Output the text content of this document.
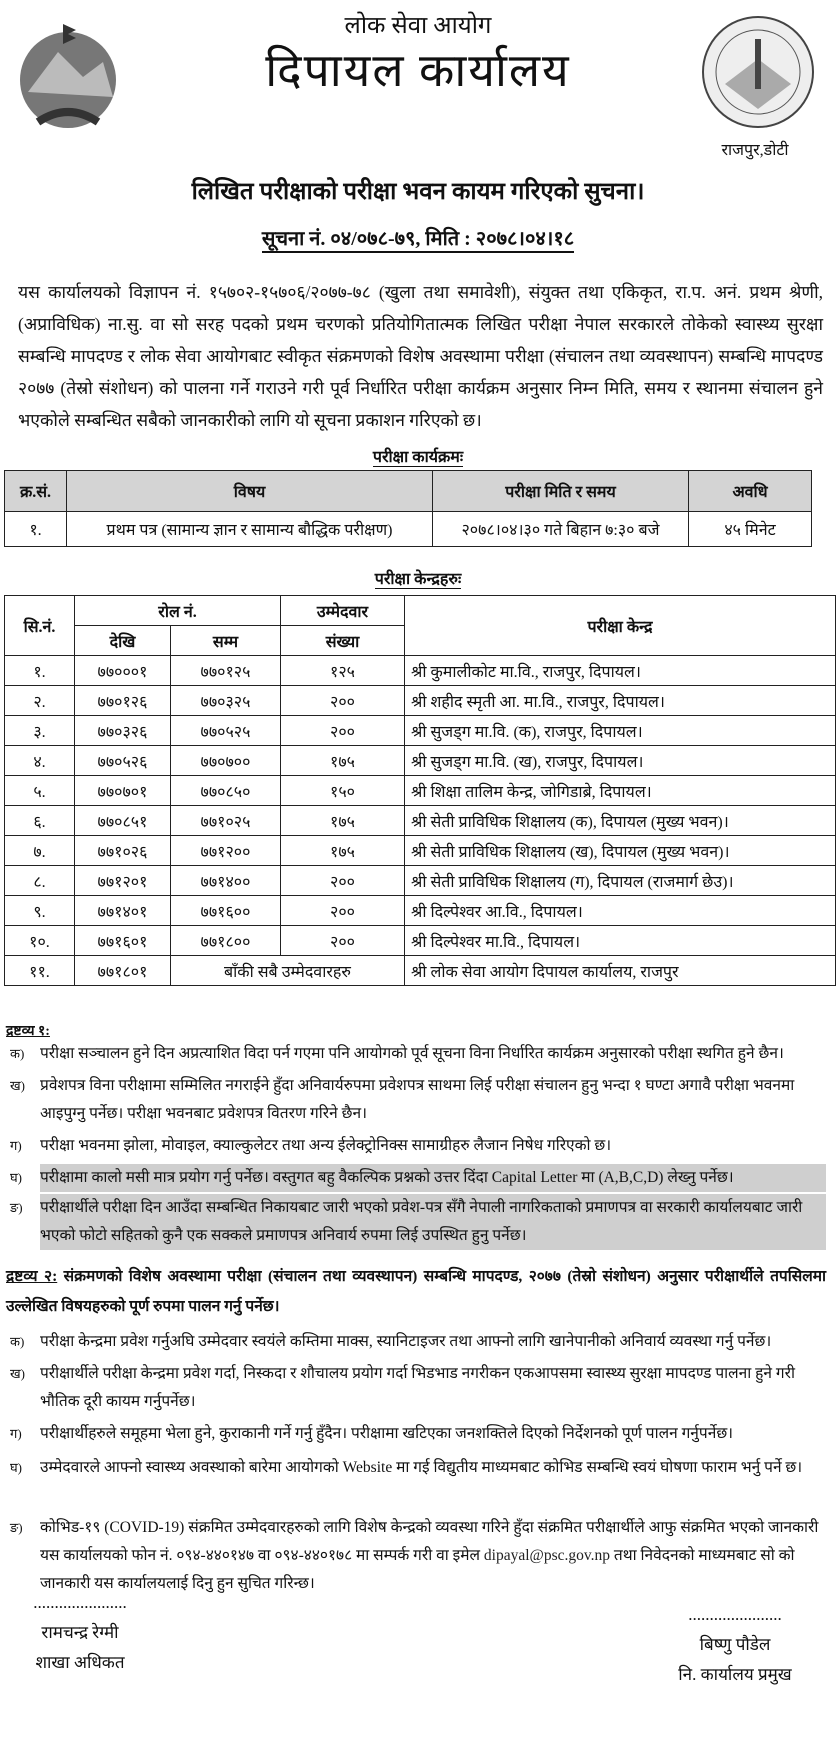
लोक सेवा आयोग
दिपायल कार्यालय
राजपुर,डोटी
लिखित परीक्षाको परीक्षा भवन कायम गरिएको सुचना।
सूचना नं. ०४/०७८-७९, मिति : २०७८।०४।१८

यस कार्यालयको विज्ञापन नं. १५७०२-१५७०६/२०७७-७८ (खुला तथा समावेशी), संयुक्त तथा एकिकृत, रा.प. अनं. प्रथम श्रेणी, (अप्राविधिक) ना.सु. वा सो सरह पदको प्रथम चरणको प्रतियोगितात्मक लिखित परीक्षा नेपाल सरकारले तोकेको स्वास्थ्य सुरक्षा सम्बन्धि मापदण्ड र लोक सेवा आयोगबाट स्वीकृत संक्रमणको विशेष अवस्थामा परीक्षा (संचालन तथा व्यवस्थापन) सम्बन्धि मापदण्ड २०७७ (तेस्रो संशोधन) को पालना गर्ने गराउने गरी पूर्व निर्धारित परीक्षा कार्यक्रम अनुसार निम्न मिति, समय र स्थानमा संचालन हुने भएकोले सम्बन्धित सबैको जानकारीको लागि यो सूचना प्रकाशन गरिएको छ।

परीक्षा कार्यक्रमः
क्र.सं.	विषय	परीक्षा मिति र समय	अवधि
१.	प्रथम पत्र (सामान्य ज्ञान र सामान्य बौद्धिक परीक्षण)	२०७८।०४।३० गते बिहान ७:३० बजे	४५ मिनेट
परीक्षा केन्द्रहरुः
सि.नं.	रोल नं.		उम्मेदवार	परीक्षा केन्द्र
	देखि	सम्म	संख्या	
१.	७७०००१	७७०१२५	१२५	श्री कुमालीकोट मा.वि., राजपुर, दिपायल।
२.	७७०१२६	७७०३२५	२००	श्री शहीद स्मृती आ. मा.वि., राजपुर, दिपायल।
३.	७७०३२६	७७०५२५	२००	श्री सुजड्ग मा.वि. (क), राजपुर, दिपायल।
४.	७७०५२६	७७०७००	१७५	श्री सुजड्ग मा.वि. (ख), राजपुर, दिपायल।
५.	७७०७०१	७७०८५०	१५०	श्री शिक्षा तालिम केन्द्र, जोगिडाब्रे, दिपायल।
६.	७७०८५१	७७१०२५	१७५	श्री सेती प्राविधिक शिक्षालय (क), दिपायल (मुख्य भवन)।
७.	७७१०२६	७७१२००	१७५	श्री सेती प्राविधिक शिक्षालय (ख), दिपायल (मुख्य भवन)।
८.	७७१२०१	७७१४००	२००	श्री सेती प्राविधिक शिक्षालय (ग), दिपायल (राजमार्ग छेउ)।
९.	७७१४०१	७७१६००	२००	श्री दिल्पेश्वर आ.वि., दिपायल।
१०.	७७१६०१	७७१८००	२००	श्री दिल्पेश्वर मा.वि., दिपायल।
११.	७७१८०१	बाँकी सबै उम्मेदवारहरु		श्री लोक सेवा आयोग दिपायल कार्यालय, राजपुर
द्रष्टव्य १:
क) परीक्षा सञ्चालन हुने दिन अप्रत्याशित विदा पर्न गएमा पनि आयोगको पूर्व सूचना विना निर्धारित कार्यक्रम अनुसारको परीक्षा स्थगित हुने छैन।
ख) प्रवेशपत्र विना परीक्षामा सम्मिलित नगराईने हुँदा अनिवार्यरुपमा प्रवेशपत्र साथमा लिई परीक्षा संचालन हुनु भन्दा १ घण्टा अगावै परीक्षा भवनमा आइपुग्नु पर्नेछ। परीक्षा भवनबाट प्रवेशपत्र वितरण गरिने छैन।
ग) परीक्षा भवनमा झोला, मोवाइल, क्याल्कुलेटर तथा अन्य ईलेक्ट्रोनिक्स सामाग्रीहरु लैजान निषेध गरिएको छ।
घ) परीक्षामा कालो मसी मात्र प्रयोग गर्नु पर्नेछ। वस्तुगत बहु वैकल्पिक प्रश्नको उत्तर दिंदा Capital Letter मा (A,B,C,D) लेख्नु पर्नेछ।
ङ) परीक्षार्थीले परीक्षा दिन आउँदा सम्बन्धित निकायबाट जारी भएको प्रवेश-पत्र सँगै नेपाली नागरिकताको प्रमाणपत्र वा सरकारी कार्यालयबाट जारी भएको फोटो सहितको कुनै एक सक्कले प्रमाणपत्र अनिवार्य रुपमा लिई उपस्थित हुनु पर्नेछ।
द्रष्टव्य २: संक्रमणको विशेष अवस्थामा परीक्षा (संचालन तथा व्यवस्थापन) सम्बन्धि मापदण्ड, २०७७ (तेस्रो संशोधन) अनुसार परीक्षार्थीले तपसिलमा उल्लेखित विषयहरुको पूर्ण रुपमा पालन गर्नु पर्नेछ।
क) परीक्षा केन्द्रमा प्रवेश गर्नुअघि उम्मेदवार स्वयंले कम्तिमा माक्स, स्यानिटाइजर तथा आफ्नो लागि खानेपानीको अनिवार्य व्यवस्था गर्नु पर्नेछ।
ख) परीक्षार्थीले परीक्षा केन्द्रमा प्रवेश गर्दा, निस्कदा र शौचालय प्रयोग गर्दा भिडभाड नगरीकन एकआपसमा स्वास्थ्य सुरक्षा मापदण्ड पालना हुने गरी भौतिक दूरी कायम गर्नुपर्नेछ।
ग) परीक्षार्थीहरुले समूहमा भेला हुने, कुराकानी गर्ने गर्नु हुँदैन। परीक्षामा खटिएका जनशक्तिले दिएको निर्देशनको पूर्ण पालन गर्नुपर्नेछ।
घ) उम्मेदवारले आफ्नो स्वास्थ्य अवस्थाको बारेमा आयोगको Website मा गई विद्युतीय माध्यमबाट कोभिड सम्बन्धि स्वयं घोषणा फाराम भर्नु पर्ने छ।
ङ) कोभिड-१९ (COVID-19) संक्रमित उम्मेदवारहरुको लागि विशेष केन्द्रको व्यवस्था गरिने हुँदा संक्रमित परीक्षार्थीले आफु संक्रमित भएको जानकारी यस कार्यालयको फोन नं. ०९४-४४०१४७ वा ०९४-४४०१७८ मा सम्पर्क गरी वा इमेल dipayal@psc.gov.np तथा निवेदनको माध्यमबाट सो को जानकारी यस कार्यालयलाई दिनु हुन सुचित गरिन्छ।
......................
रामचन्द्र रेग्मी
शाखा अधिकत
......................
बिष्णु पौडेल
नि. कार्यालय प्रमुख
